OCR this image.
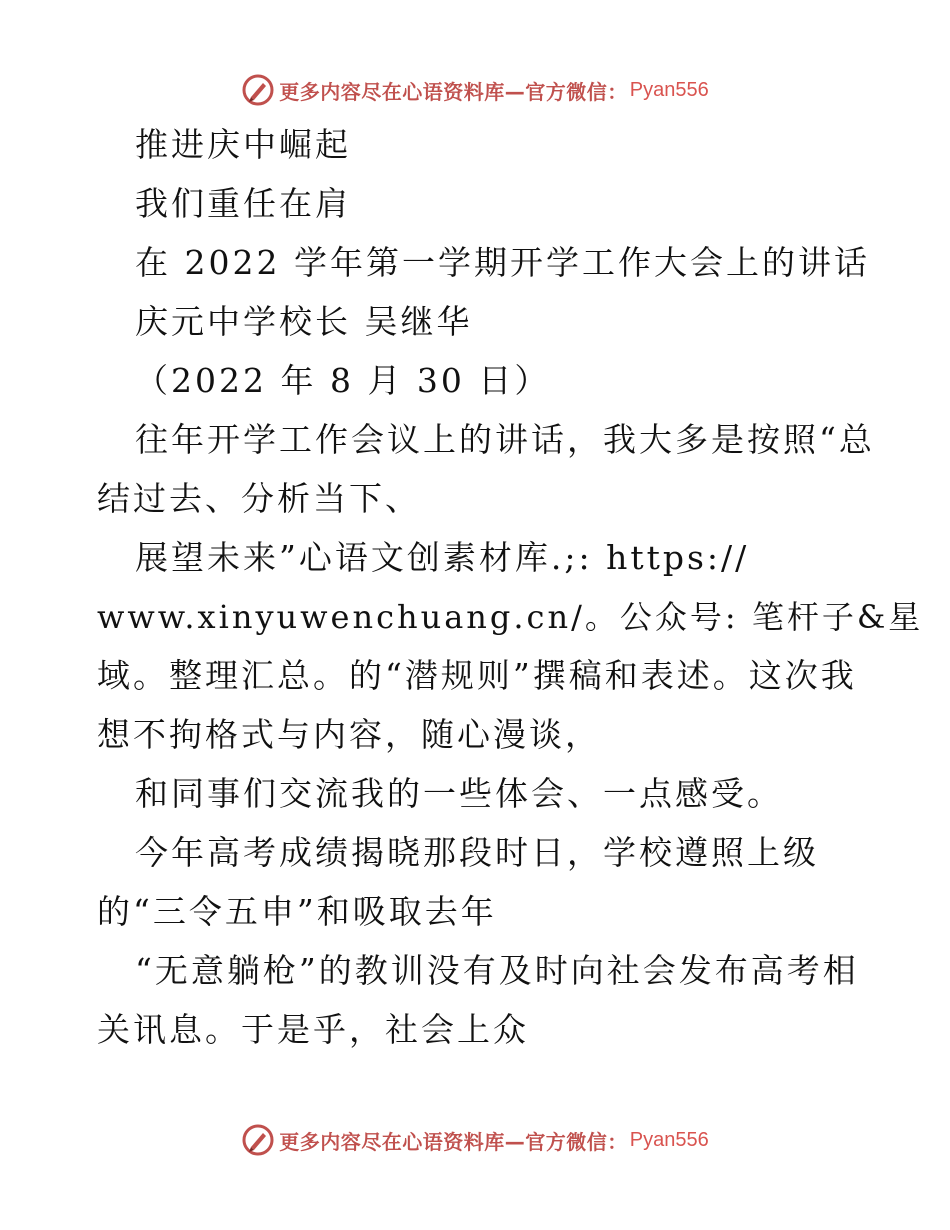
更多内容尽在心语资料库—官方微信： Pyan556
推进庆中崛起
我们重任在肩
在 2022 学年第一学期开学工作大会上的讲话
庆元中学校长 吴继华
（2022 年 8 月 30 日）
往年开学工作会议上的讲话，我大多是按照“总
结过去、分析当下、
展望未来”心语文创素材库.;: https://
www.xinyuwenchuang.cn/。公众号: 笔杆子&星
域。整理汇总。的“潜规则”撰稿和表述。这次我
想不拘格式与内容，随心漫谈，
和同事们交流我的一些体会、一点感受。
今年高考成绩揭晓那段时日，学校遵照上级
的“三令五申”和吸取去年
“无意躺枪”的教训没有及时向社会发布高考相
关讯息。于是乎，社会上众
更多内容尽在心语资料库—官方微信： Pyan556
